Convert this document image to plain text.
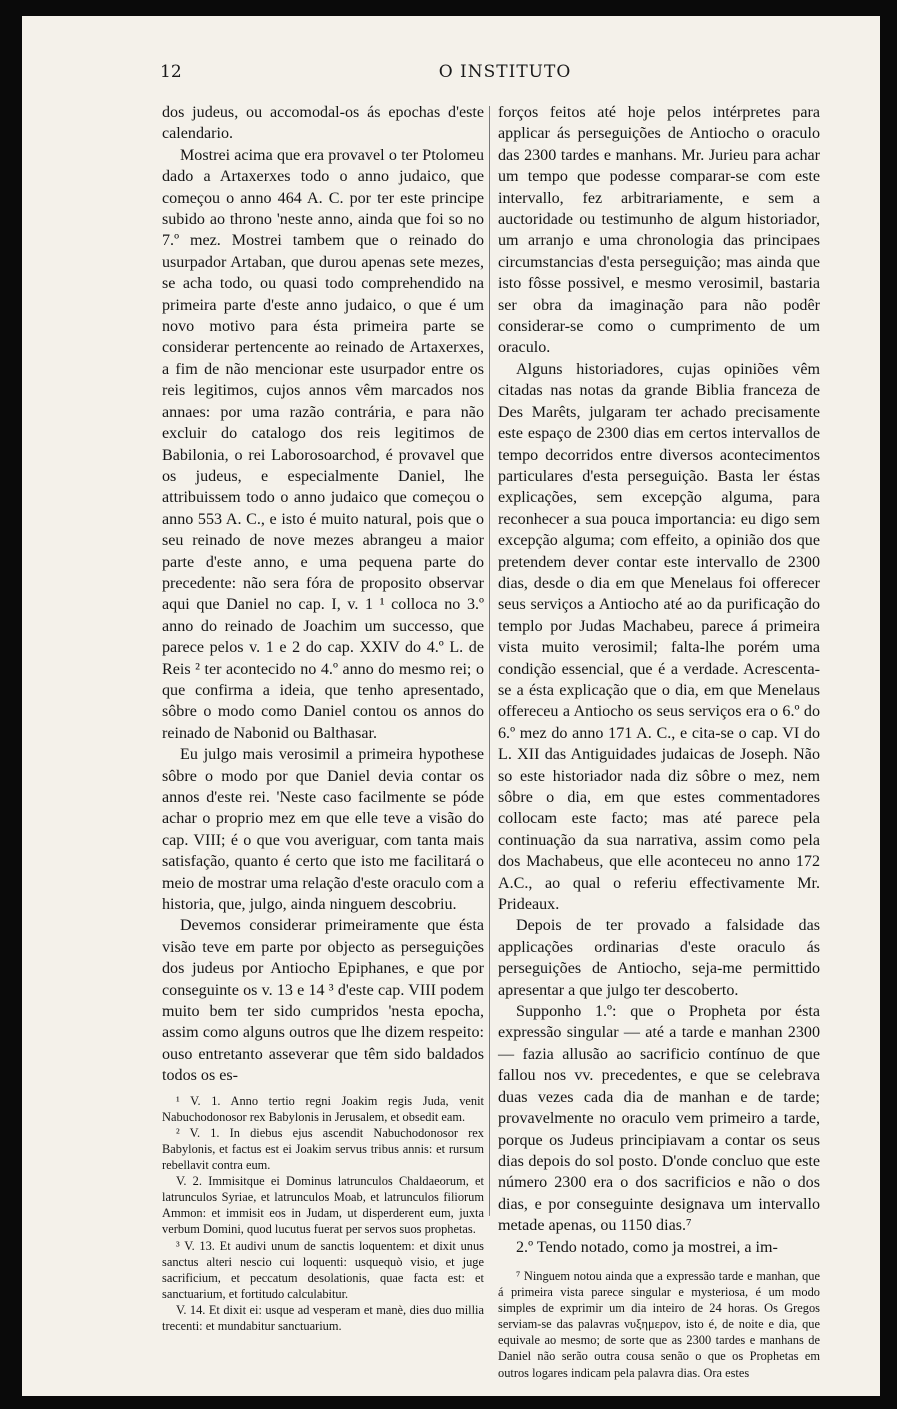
12	O INSTITUTO

dos judeus, ou accomodal-os ás epochas d'este calendario.

Mostrei acima que era provavel o ter Ptolomeu dado a Artaxerxes todo o anno judaico, que começou o anno 464 A. C. por ter este principe subido ao throno 'neste anno, ainda que foi so no 7.º mez. Mostrei tambem que o reinado do usurpador Artaban, que durou apenas sete mezes, se acha todo, ou quasi todo comprehendido na primeira parte d'este anno judaico, o que é um novo motivo para ésta primeira parte se considerar pertencente ao reinado de Artaxerxes, a fim de não mencionar este usurpador entre os reis legitimos, cujos annos vêm marcados nos annaes: por uma razão contrária, e para não excluir do catalogo dos reis legitimos de Babilonia, o rei Laborosoarchod, é provavel que os judeus, e especialmente Daniel, lhe attribuissem todo o anno judaico que começou o anno 553 A. C., e isto é muito natural, pois que o seu reinado de nove mezes abrangeu a maior parte d'este anno, e uma pequena parte do precedente: não sera fóra de proposito observar aqui que Daniel no cap. I, v. 1 ¹ colloca no 3.º anno do reinado de Joachim um successo, que parece pelos v. 1 e 2 do cap. XXIV do 4.º L. de Reis ² ter acontecido no 4.º anno do mesmo rei; o que confirma a ideia, que tenho apresentado, sôbre o modo como Daniel contou os annos do reinado de Nabonid ou Balthasar.

Eu julgo mais verosimil a primeira hypothese sôbre o modo por que Daniel devia contar os annos d'este rei. 'Neste caso facilmente se póde achar o proprio mez em que elle teve a visão do cap. VIII; é o que vou averiguar, com tanta mais satisfação, quanto é certo que isto me facilitará o meio de mostrar uma relação d'este oraculo com a historia, que, julgo, ainda ninguem descobriu.

Devemos considerar primeiramente que ésta visão teve em parte por objecto as perseguições dos judeus por Antiocho Epiphanes, e que por conseguinte os v. 13 e 14 ³ d'este cap. VIII podem muito bem ter sido cumpridos 'nesta epocha, assim como alguns outros que lhe dizem respeito: ouso entretanto asseverar que têm sido baldados todos os es-

¹ V. 1. Anno tertio regni Joakim regis Juda, venit Nabuchodonosor rex Babylonis in Jerusalem, et obsedit eam.

² V. 1. In diebus ejus ascendit Nabuchodonosor rex Babylonis, et factus est ei Joakim servus tribus annis: et rursum rebellavit contra eum.

V. 2. Immisitque ei Dominus latrunculos Chaldaeorum, et latrunculos Syriae, et latrunculos Moab, et latrunculos filiorum Ammon: et immisit eos in Judam, ut disperderent eum, juxta verbum Domini, quod lucutus fuerat per servos suos prophetas.

³ V. 13. Et audivi unum de sanctis loquentem: et dixit unus sanctus alteri nescio cui loquenti: usquequò visio, et juge sacrificium, et peccatum desolationis, quae facta est: et sanctuarium, et fortitudo calculabitur.

V. 14. Et dixit ei: usque ad vesperam et manè, dies duo millia trecenti: et mundabitur sanctuarium.

forços feitos até hoje pelos intérpretes para applicar ás perseguições de Antiocho o oraculo das 2300 tardes e manhans. Mr. Jurieu para achar um tempo que podesse comparar-se com este intervallo, fez arbitrariamente, e sem a auctoridade ou testimunho de algum historiador, um arranjo e uma chronologia das principaes circumstancias d'esta perseguição; mas ainda que isto fôsse possivel, e mesmo verosimil, bastaria ser obra da imaginação para não podêr considerar-se como o cumprimento de um oraculo.

Alguns historiadores, cujas opiniões vêm citadas nas notas da grande Biblia franceza de Des Marêts, julgaram ter achado precisamente este espaço de 2300 dias em certos intervallos de tempo decorridos entre diversos acontecimentos particulares d'esta perseguição. Basta ler éstas explicações, sem excepção alguma, para reconhecer a sua pouca importancia: eu digo sem excepção alguma; com effeito, a opinião dos que pretendem dever contar este intervallo de 2300 dias, desde o dia em que Menelaus foi offerecer seus serviços a Antiocho até ao da purificação do templo por Judas Machabeu, parece á primeira vista muito verosimil; falta-lhe porém uma condição essencial, que é a verdade. Acrescenta-se a ésta explicação que o dia, em que Menelaus offereceu a Antiocho os seus serviços era o 6.º do 6.º mez do anno 171 A. C., e cita-se o cap. VI do L. XII das Antiguidades judaicas de Joseph. Não so este historiador nada diz sôbre o mez, nem sôbre o dia, em que estes commentadores collocam este facto; mas até parece pela continuação da sua narrativa, assim como pela dos Machabeus, que elle aconteceu no anno 172 A.C., ao qual o referiu effectivamente Mr. Prideaux.

Depois de ter provado a falsidade das applicações ordinarias d'este oraculo ás perseguições de Antiocho, seja-me permittido apresentar a que julgo ter descoberto.

Supponho 1.º: que o Propheta por ésta expressão singular — até a tarde e manhan 2300 — fazia allusão ao sacrificio contínuo de que fallou nos vv. precedentes, e que se celebrava duas vezes cada dia de manhan e de tarde; provavelmente no oraculo vem primeiro a tarde, porque os Judeus principiavam a contar os seus dias depois do sol posto. D'onde concluo que este número 2300 era o dos sacrificios e não o dos dias, e por conseguinte designava um intervallo metade apenas, ou 1150 dias.⁷

2.º Tendo notado, como ja mostrei, a im-

⁷ Ninguem notou ainda que a expressão tarde e manhan, que á primeira vista parece singular e mysteriosa, é um modo simples de exprimir um dia inteiro de 24 horas. Os Gregos serviam-se das palavras νυξημερον, isto é, de noite e dia, que equivale ao mesmo; de sorte que as 2300 tardes e manhans de Daniel não serão outra cousa senão o que os Prophetas em outros logares indicam pela palavra dias. Ora estes
